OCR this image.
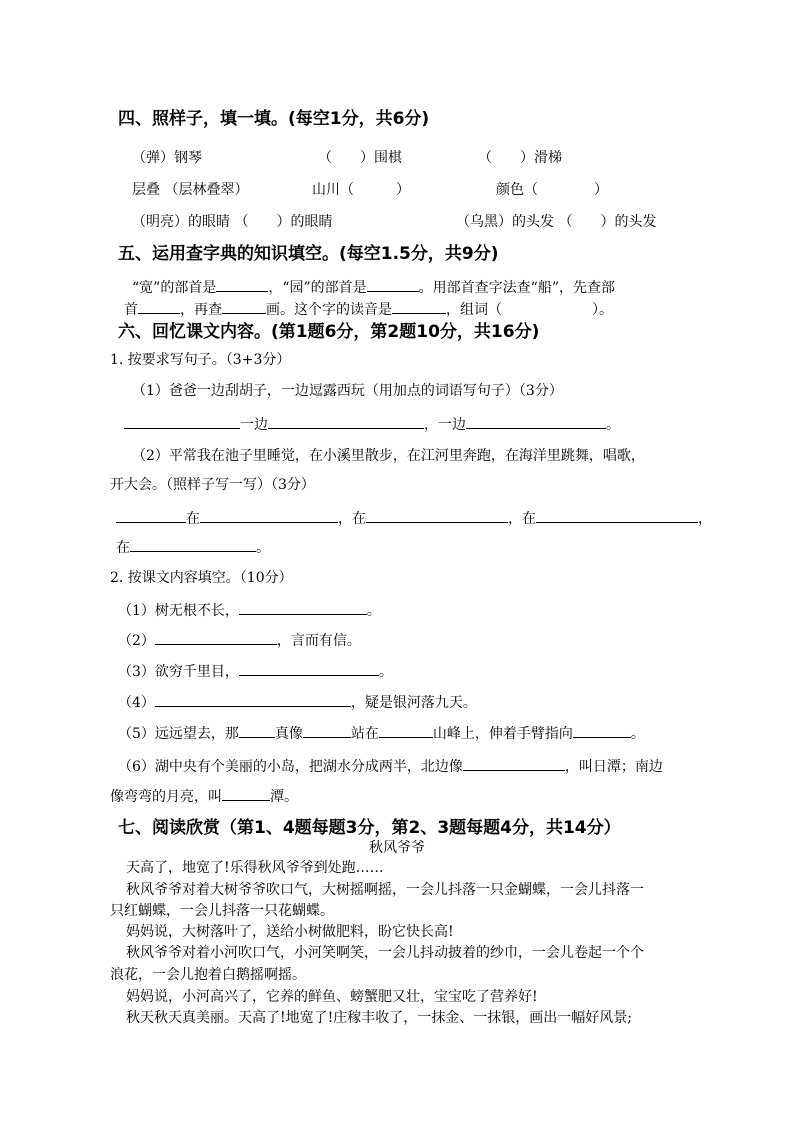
四、照样子，填一填。(每空1分，共6分)
（弹）钢琴	（　　）围棋	（　　）滑梯
层叠 （层林叠翠）	山川（　　　）	颜色（　　　　）
（明亮）的眼睛 （　　）的眼睛	（乌黑）的头发 （　　）的头发
五、运用查字典的知识填空。(每空1.5分，共9分)
“宽”的部首是	，“园”的部首是	。用部首查字法查“船”，先查部
首	，再查	画。这个字的读音是	，组词（	）。
六、回忆课文内容。(第1题6分，第2题10分，共16分)
1. 按要求写句子。（3+3分）
（1）爸爸一边刮胡子，一边逗露西玩（用加点的词语写句子）（3分）
一边	，一边	。
（2）平常我在池子里睡觉，在小溪里散步，在江河里奔跑，在海洋里跳舞，唱歌，
开大会。（照样子写一写）（3分）
在	，在	，在	，
在	。
2. 按课文内容填空。（10分）
（1）树无根不长，	。
（2）	，言而有信。
（3）欲穷千里目，	。
（4）	，疑是银河落九天。
（5）远远望去，那	真像	站在	山峰上，伸着手臂指向	。
（6）湖中央有个美丽的小岛，把湖水分成两半，北边像	，叫日潭；南边
像弯弯的月亮，叫	潭。
七、阅读欣赏（第1、4题每题3分，第2、3题每题4分，共14分）
秋风爷爷
天高了，地宽了!乐得秋风爷爷到处跑……
秋风爷爷对着大树爷爷吹口气，大树摇啊摇，一会儿抖落一只金蝴蝶，一会儿抖落一
只红蝴蝶，一会儿抖落一只花蝴蝶。
妈妈说，大树落叶了，送给小树做肥料，盼它快长高!
秋风爷爷对着小河吹口气，小河笑啊笑，一会儿抖动披着的纱巾，一会儿卷起一个个
浪花，一会儿抱着白鹅摇啊摇。
妈妈说，小河高兴了，它养的鲜鱼、螃蟹肥又壮，宝宝吃了营养好!
秋天秋天真美丽。天高了!地宽了!庄稼丰收了，一抹金、一抹银，画出一幅好风景;
